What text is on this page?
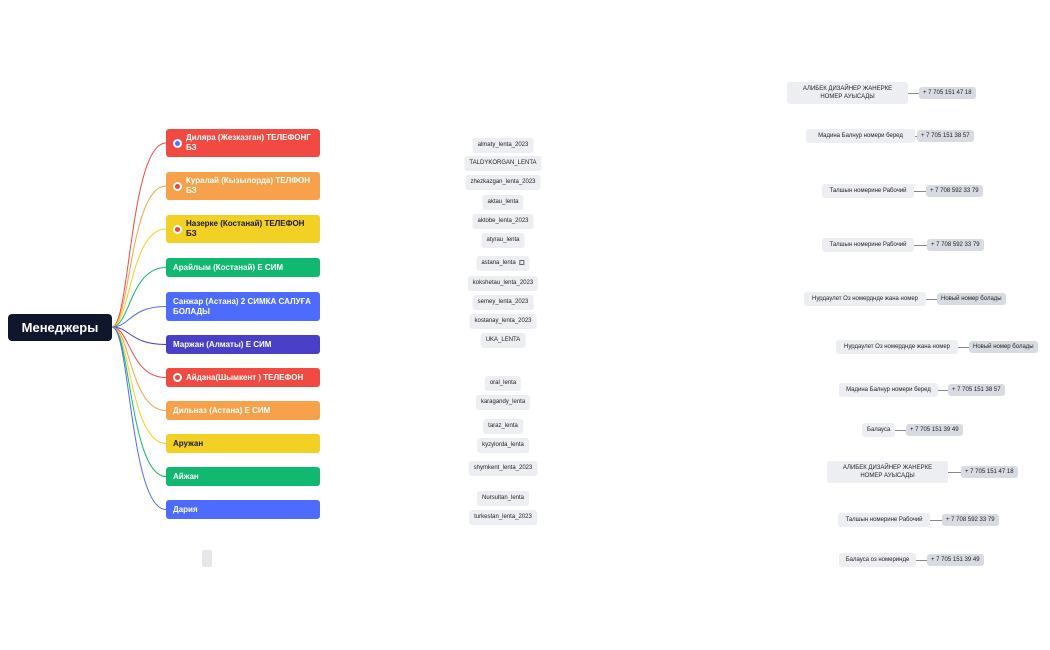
Менеджеры
Диляра (Жезказган) ТЕЛЕФОНГ БЗ
Куралай (Кызылорда) ТЕЛФОН БЗ
Назерке (Костанай) ТЕЛЕФОН БЗ
Арайлым (Костанай) Е СИМ
Санжар (Астана) 2 СИМКА САЛУҒА БОЛАДЫ
Маржан (Алматы) Е СИМ
Айдана(Шымкент ) ТЕЛЕФОН
Дильназ (Астана) Е СИМ
Аружан
Айжан
Дария
almaty_lenta_2023
TALDYKORGAN_LENTA
zhezkazgan_lenta_2023
aktau_lenta
aktobe_lenta_2023
atyrau_lenta
astana_lenta
kokshetau_lenta_2023
semey_lenta_2023
kostanay_lenta_2023
UKA_LENTA
oral_lenta
karagandy_lenta
taraz_lenta
kyzylorda_lenta
shymkent_lenta_2023
Nursultan_lenta
turkestan_lenta_2023
АЛИБЕК ДИЗАЙНЕР ЖАНЕРКЕ НОМЕР АУЫСАДЫ
+ 7 705 151 47 18
Мадина Балнур номери беред	+ 7 705 151 38 57
Талшын номерине Рабочий	+ 7 708 592 33 79
Талшын номерине Рабочий	+ 7 708 592 33 79
Нурдаулет Оз номерднде жана номер	Новый номер болады
Нурдаулет Оз номерднде жана номер	Новый номер болады
Мадина Балнур номери беред	+ 7 705 151 38 57
Балауса	+ 7 705 151 39 49
АЛИБЕК ДИЗАЙНЕР ЖАНЕРКЕ НОМЕР АУЫСАДЫ
+ 7 705 151 47 18
Талшын номерине Рабочий	+ 7 708 592 33 79
Балауса оз номеринде	+ 7 705 151 39 49
